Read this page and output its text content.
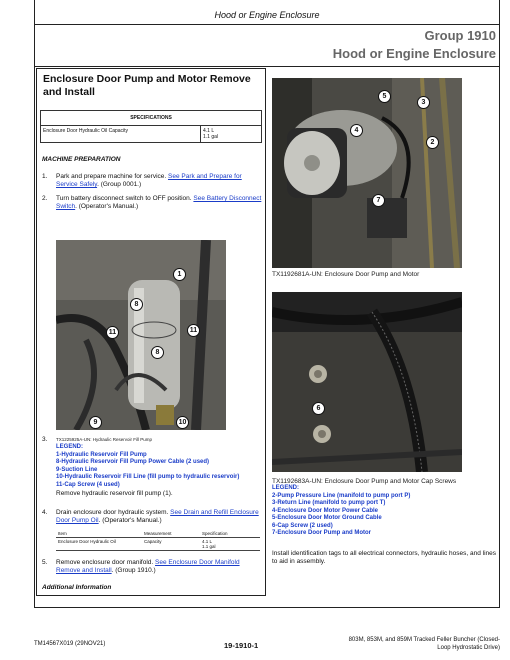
Hood or Engine Enclosure
Group 1910
Hood or Engine Enclosure
Enclosure Door Pump and Motor Remove
and Install
SPECIFICATIONS
Enclosure Door Hydraulic Oil Capacity	4.1 L
1.1 gal
MACHINE PREPARATION
1. Park and prepare machine for service. See Park and Prepare for Service Safely. (Group 0001.)
2. Turn battery disconnect switch to OFF position. See Battery Disconnect Switch. (Operator's Manual.)
1
8
11	11
8
9	10
3. TX1225925A-UN: Hydraulic Reservoir Fill Pump
LEGEND:
1-Hydraulic Reservoir Fill Pump
8-Hydraulic Reservoir Fill Pump Power Cable (2 used)
9-Suction Line
10-Hydraulic Reservoir Fill Line (fill pump to hydraulic reservoir)
11-Cap Screw (4 used)
Remove hydraulic reservoir fill pump (1).
4. Drain enclosure door hydraulic system. See Drain and Refill Enclosure Door Pump Oil. (Operator's Manual.)
Item	Measurement	Specification
Enclosure Door Hydraulic Oil	Capacity	4.1 L
1.1 gal
5. Remove enclosure door manifold. See Enclosure Door Manifold Remove and Install. (Group 1910.)
Additional Information
5
3
4
2
7
TX1192681A-UN: Enclosure Door Pump and Motor
6
TX1192683A-UN: Enclosure Door Pump and Motor Cap Screws
LEGEND:
2-Pump Pressure Line (manifold to pump port P)
3-Return Line (manifold to pump port T)
4-Enclosure Door Motor Power Cable
5-Enclosure Door Motor Ground Cable
6-Cap Screw (2 used)
7-Enclosure Door Pump and Motor
Install identification tags to all electrical connectors, hydraulic hoses, and lines to aid in assembly.
TM14567X019 (29NOV21)	19-1910-1
803M, 853M, and 859M Tracked Feller Buncher (Closed-
Loop Hydrostatic Drive)
